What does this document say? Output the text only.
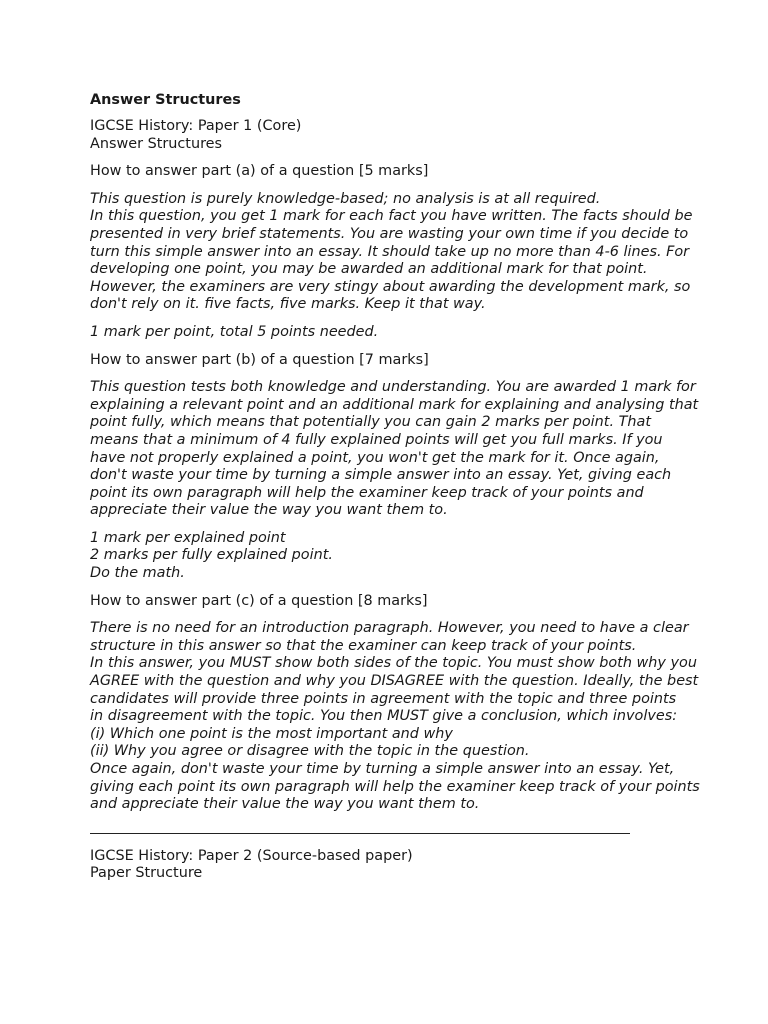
Answer Structures

IGCSE History: Paper 1 (Core)
Answer Structures

How to answer part (a) of a question [5 marks]

This question is purely knowledge-based; no analysis is at all required.
In this question, you get 1 mark for each fact you have written. The facts should be
presented in very brief statements. You are wasting your own time if you decide to
turn this simple answer into an essay. It should take up no more than 4-6 lines. For
developing one point, you may be awarded an additional mark for that point.
However, the examiners are very stingy about awarding the development mark, so
don't rely on it. five facts, five marks. Keep it that way.

1 mark per point, total 5 points needed.

How to answer part (b) of a question [7 marks]

This question tests both knowledge and understanding. You are awarded 1 mark for
explaining a relevant point and an additional mark for explaining and analysing that
point fully, which means that potentially you can gain 2 marks per point. That
means that a minimum of 4 fully explained points will get you full marks. If you
have not properly explained a point, you won't get the mark for it. Once again,
don't waste your time by turning a simple answer into an essay. Yet, giving each
point its own paragraph will help the examiner keep track of your points and
appreciate their value the way you want them to.

1 mark per explained point
2 marks per fully explained point.
Do the math.

How to answer part (c) of a question [8 marks]

There is no need for an introduction paragraph. However, you need to have a clear
structure in this answer so that the examiner can keep track of your points.
In this answer, you MUST show both sides of the topic. You must show both why you
AGREE with the question and why you DISAGREE with the question. Ideally, the best
candidates will provide three points in agreement with the topic and three points
in disagreement with the topic. You then MUST give a conclusion, which involves:
(i) Which one point is the most important and why
(ii) Why you agree or disagree with the topic in the question.
Once again, don't waste your time by turning a simple answer into an essay. Yet,
giving each point its own paragraph will help the examiner keep track of your points
and appreciate their value the way you want them to.

IGCSE History: Paper 2 (Source-based paper)
Paper Structure
